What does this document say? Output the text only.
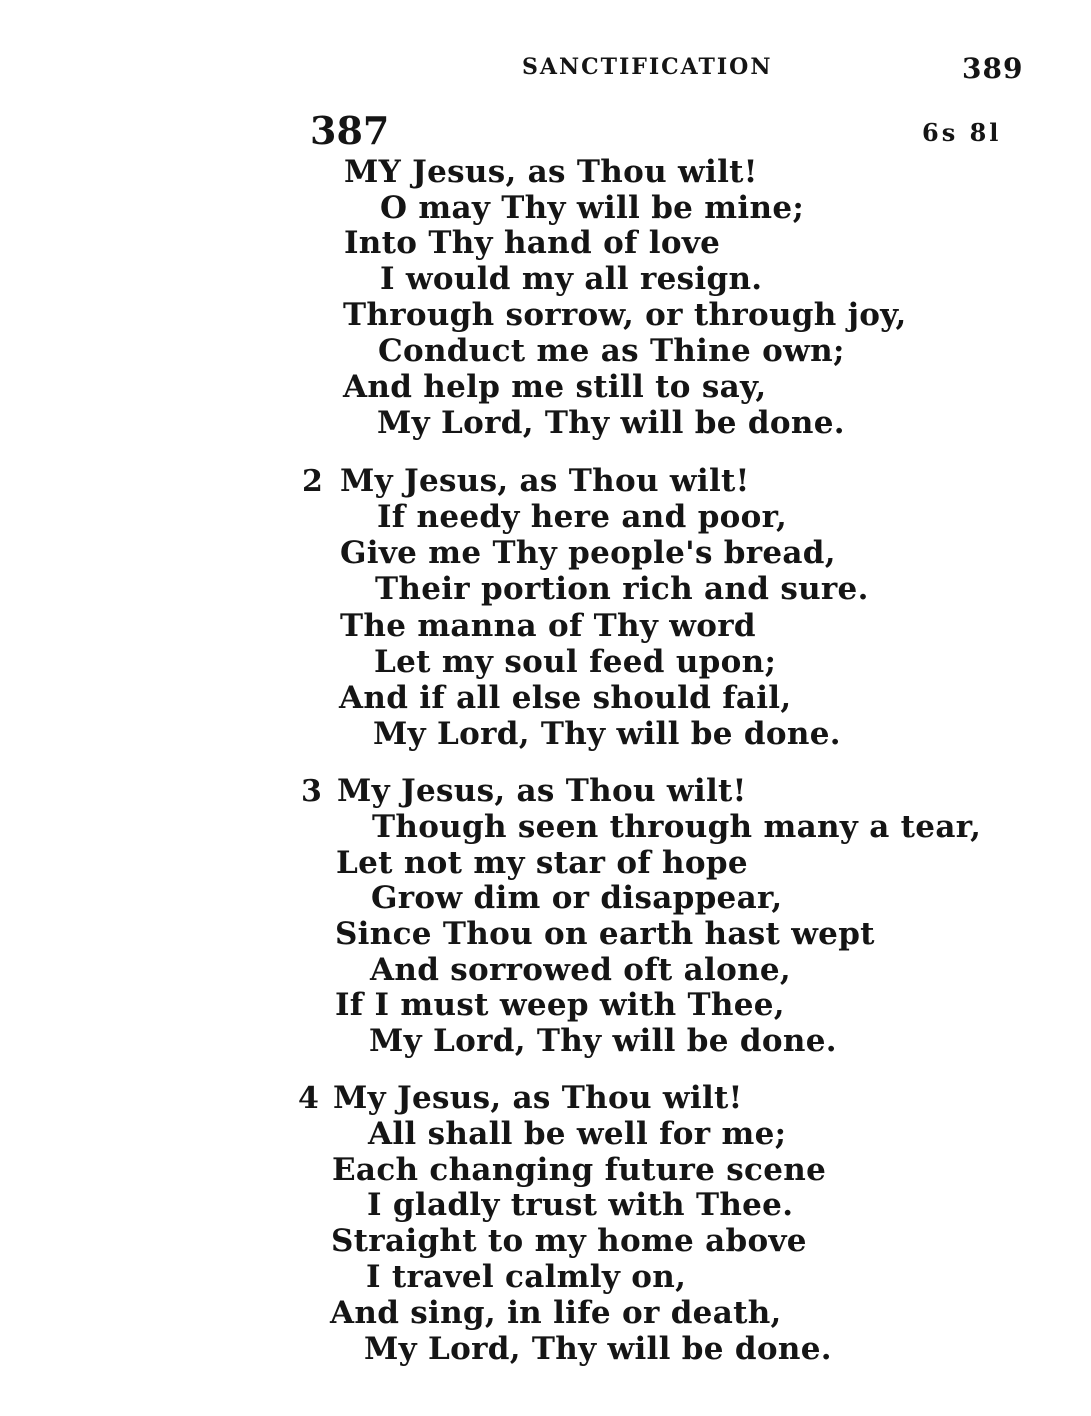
SANCTIFICATION	389
387	6s 8l
MY Jesus, as Thou wilt!
O may Thy will be mine;
Into Thy hand of love
I would my all resign.
Through sorrow, or through joy,
Conduct me as Thine own;
And help me still to say,
My Lord, Thy will be done.
2 My Jesus, as Thou wilt!
If needy here and poor,
Give me Thy people's bread,
Their portion rich and sure.
The manna of Thy word
Let my soul feed upon;
And if all else should fail,
My Lord, Thy will be done.
3 My Jesus, as Thou wilt!
Though seen through many a tear,
Let not my star of hope
Grow dim or disappear,
Since Thou on earth hast wept
And sorrowed oft alone,
If I must weep with Thee,
My Lord, Thy will be done.
4 My Jesus, as Thou wilt!
All shall be well for me;
Each changing future scene
I gladly trust with Thee.
Straight to my home above
I travel calmly on,
And sing, in life or death,
My Lord, Thy will be done.
